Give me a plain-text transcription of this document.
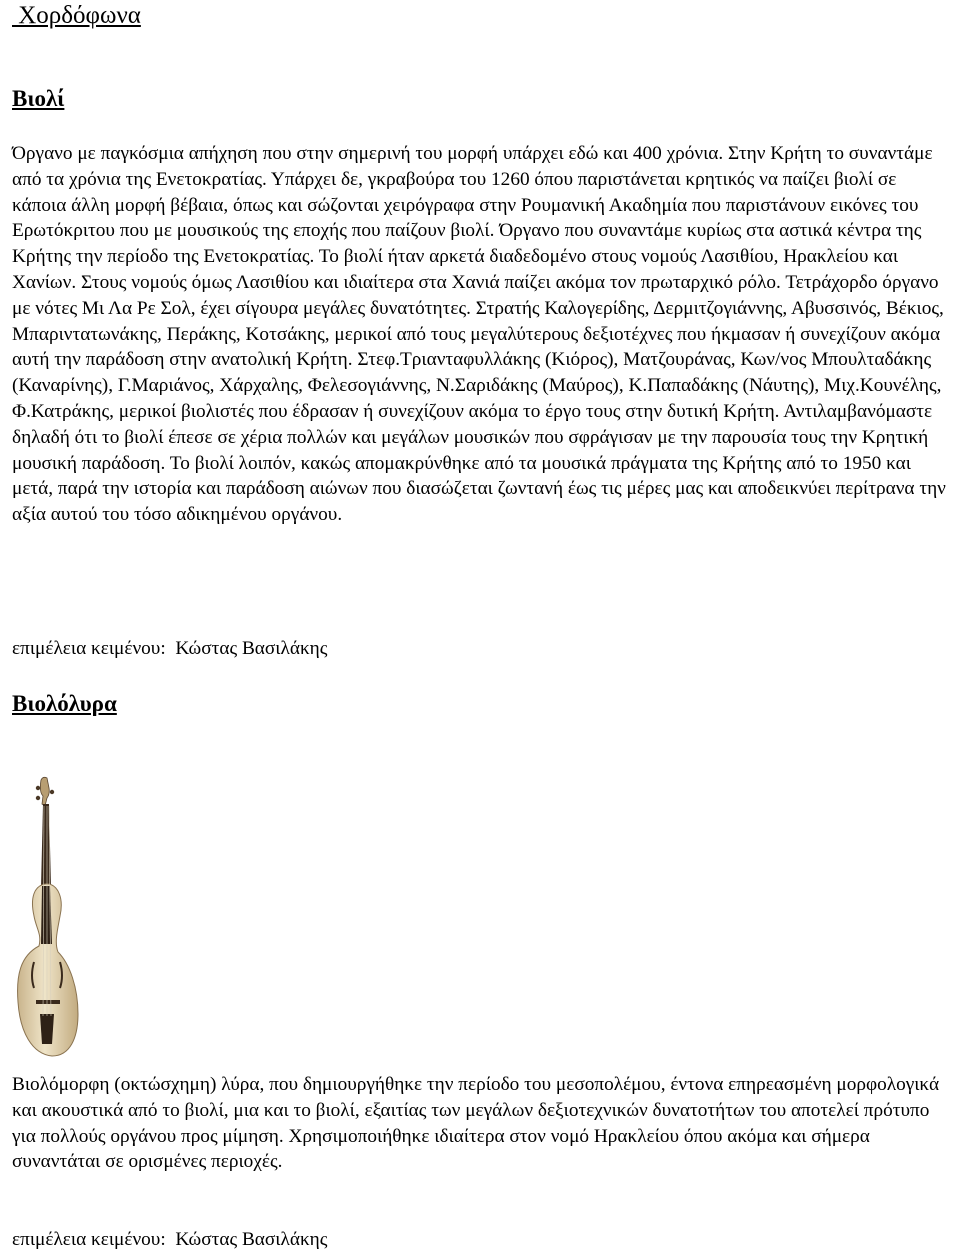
Χορδόφωνα
Βιολί

Όργανο με παγκόσμια απήχηση που στην σημερινή του μορφή υπάρχει εδώ και 400 χρόνια. Στην Κρήτη το συναντάμε από τα χρόνια της Ενετοκρατίας. Υπάρχει δε, γκραβούρα του 1260 όπου παριστάνεται κρητικός να παίζει βιολί σε κάποια άλλη μορφή βέβαια, όπως και σώζονται χειρόγραφα στην Ρουμανική Ακαδημία που παριστάνουν εικόνες του Ερωτόκριτου που με μουσικούς της εποχής που παίζουν βιολί. Όργανο που συναντάμε κυρίως στα αστικά κέντρα της Κρήτης την περίοδο της Ενετοκρατίας. Το βιολί ήταν αρκετά διαδεδομένο στους νομούς Λασιθίου, Ηρακλείου και Χανίων. Στους νομούς όμως Λασιθίου και ιδιαίτερα στα Χανιά παίζει ακόμα τον πρωταρχικό ρόλο. Τετράχορδο όργανο με νότες Μι Λα Ρε Σολ, έχει σίγουρα μεγάλες δυνατότητες. Στρατής Καλογερίδης, Δερμιτζογιάννης, Αβυσσινός, Βέκιος, Μπαριντατωνάκης, Περάκης, Κοτσάκης, μερικοί από τους μεγαλύτερους δεξιοτέχνες που ήκμασαν ή συνεχίζουν ακόμα αυτή την παράδοση στην ανατολική Κρήτη. Στεφ.Τριανταφυλλάκης (Κιόρος), Ματζουράνας, Κων/νος Μπουλταδάκης (Καναρίνης), Γ.Μαριάνος, Χάρχαλης, Φελεσογιάννης, Ν.Σαριδάκης (Μαύρος), Κ.Παπαδάκης (Νάυτης), Μιχ.Κουνέλης, Φ.Κατράκης, μερικοί βιολιστές που έδρασαν ή συνεχίζουν ακόμα το έργο τους στην δυτική Κρήτη. Αντιλαμβανόμαστε δηλαδή ότι το βιολί έπεσε σε χέρια πολλών και μεγάλων μουσικών που σφράγισαν με την παρουσία τους την Κρητική μουσική παράδοση. Το βιολί λοιπόν, κακώς απομακρύνθηκε από τα μουσικά πράγματα της Κρήτης από το 1950 και μετά, παρά την ιστορία και παράδοση αιώνων που διασώζεται ζωντανή έως τις μέρες μας και αποδεικνύει περίτρανα την αξία αυτού του τόσο αδικημένου οργάνου.

επιμέλεια κειμένου:  Κώστας Βασιλάκης

Βιολόλυρα

Βιολόμορφη (οκτώσχημη) λύρα, που δημιουργήθηκε την περίοδο του μεσοπολέμου, έντονα επηρεασμένη μορφολογικά και ακουστικά από το βιολί, μια και το βιολί, εξαιτίας των μεγάλων δεξιοτεχνικών δυνατοτήτων του αποτελεί πρότυπο για πολλούς οργάνου προς μίμηση. Χρησιμοποιήθηκε ιδιαίτερα στον νομό Ηρακλείου όπου ακόμα και σήμερα συναντάται σε ορισμένες περιοχές.

επιμέλεια κειμένου:  Κώστας Βασιλάκης
